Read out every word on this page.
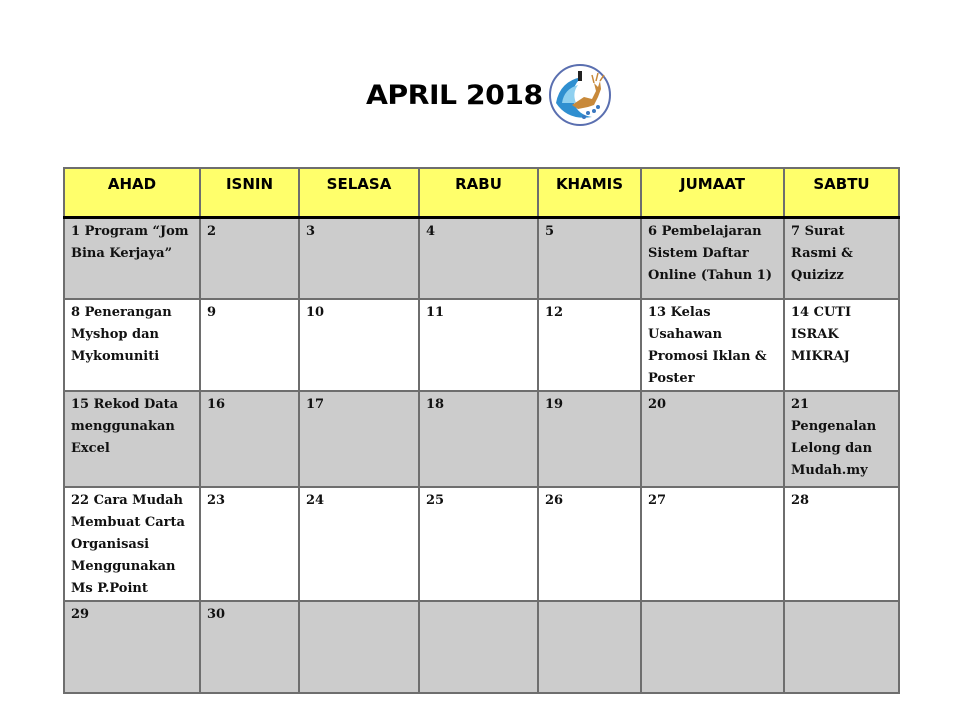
APRIL 2018
AHAD	ISNIN	SELASA	RABU	KHAMIS	JUMAAT	SABTU
1 Program “Jom Bina Kerjaya”	2	3	4	5	6 Pembelajaran Sistem Daftar Online (Tahun 1)	7 Surat Rasmi & Quizizz
8 Penerangan Myshop dan Mykomuniti	9	10	11	12	13 Kelas Usahawan Promosi Iklan & Poster	14 CUTI ISRAK MIKRAJ
15 Rekod Data menggunakan Excel	16	17	18	19	20	21 Pengenalan Lelong dan Mudah.my
22 Cara Mudah Membuat Carta Organisasi Menggunakan Ms P.Point	23	24	25	26	27	28
29	30					
